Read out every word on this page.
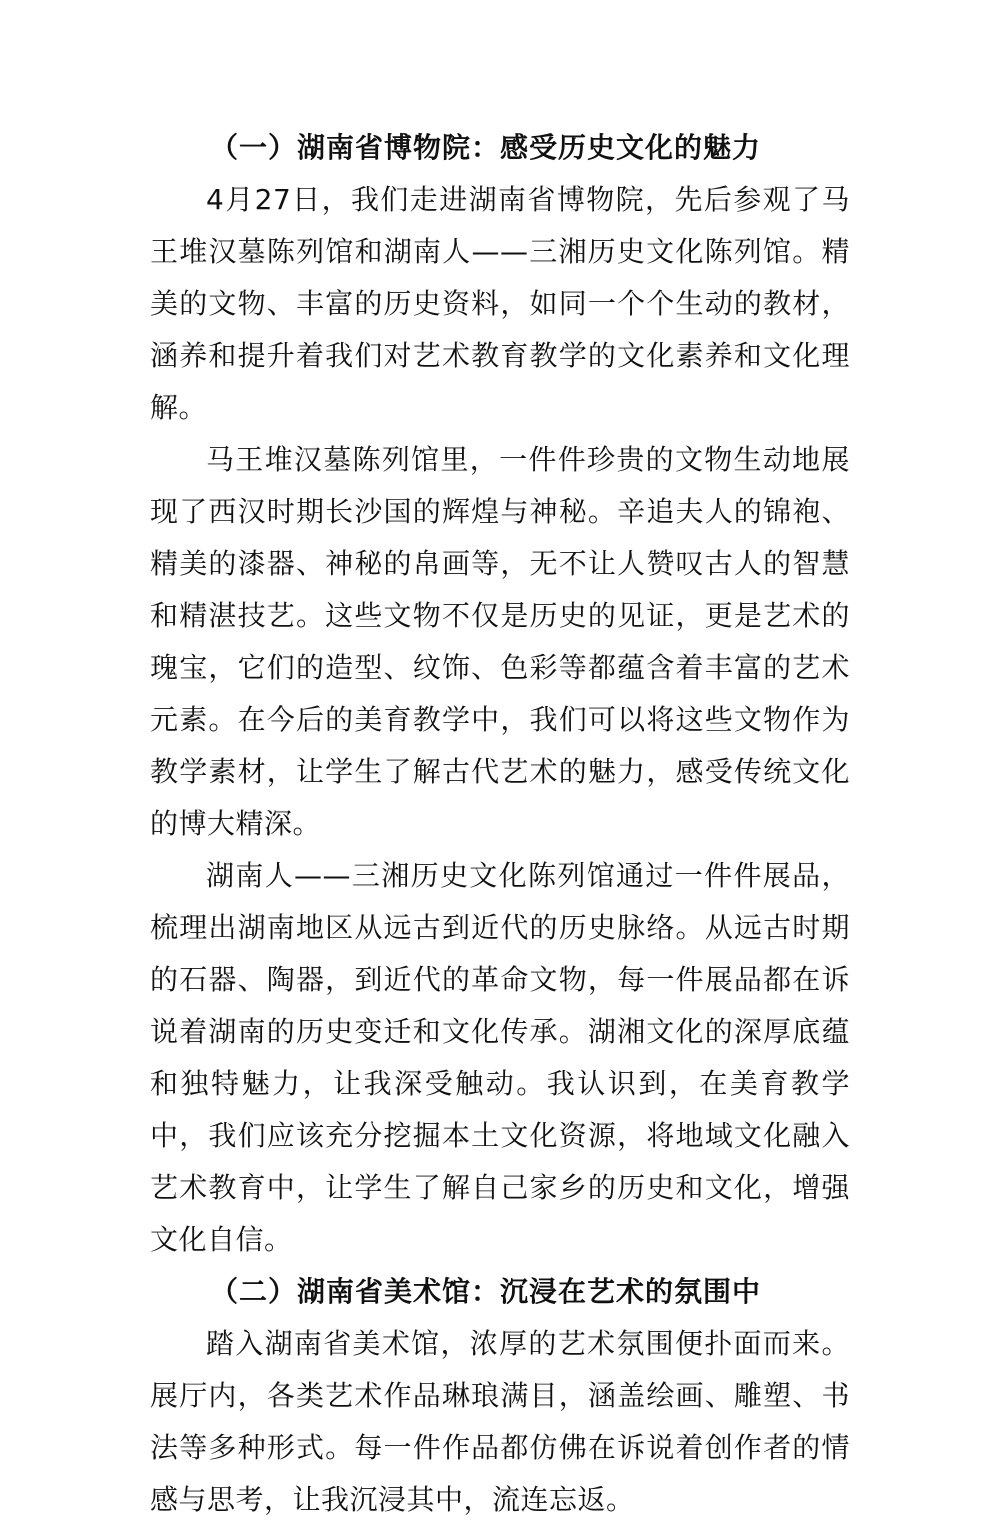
（一）湖南省博物院：感受历史文化的魅力

4月27日，我们走进湖南省博物院，先后参观了马王堆汉墓陈列馆和湖南人——三湘历史文化陈列馆。精美的文物、丰富的历史资料，如同一个个生动的教材，涵养和提升着我们对艺术教育教学的文化素养和文化理解。

马王堆汉墓陈列馆里，一件件珍贵的文物生动地展现了西汉时期长沙国的辉煌与神秘。辛追夫人的锦袍、精美的漆器、神秘的帛画等，无不让人赞叹古人的智慧和精湛技艺。这些文物不仅是历史的见证，更是艺术的瑰宝，它们的造型、纹饰、色彩等都蕴含着丰富的艺术元素。在今后的美育教学中，我们可以将这些文物作为教学素材，让学生了解古代艺术的魅力，感受传统文化的博大精深。

湖南人——三湘历史文化陈列馆通过一件件展品，梳理出湖南地区从远古到近代的历史脉络。从远古时期的石器、陶器，到近代的革命文物，每一件展品都在诉说着湖南的历史变迁和文化传承。湖湘文化的深厚底蕴和独特魅力，让我深受触动。我认识到，在美育教学中，我们应该充分挖掘本土文化资源，将地域文化融入艺术教育中，让学生了解自己家乡的历史和文化，增强文化自信。

（二）湖南省美术馆：沉浸在艺术的氛围中

踏入湖南省美术馆，浓厚的艺术氛围便扑面而来。展厅内，各类艺术作品琳琅满目，涵盖绘画、雕塑、书法等多种形式。每一件作品都仿佛在诉说着创作者的情感与思考，让我沉浸其中，流连忘返。
